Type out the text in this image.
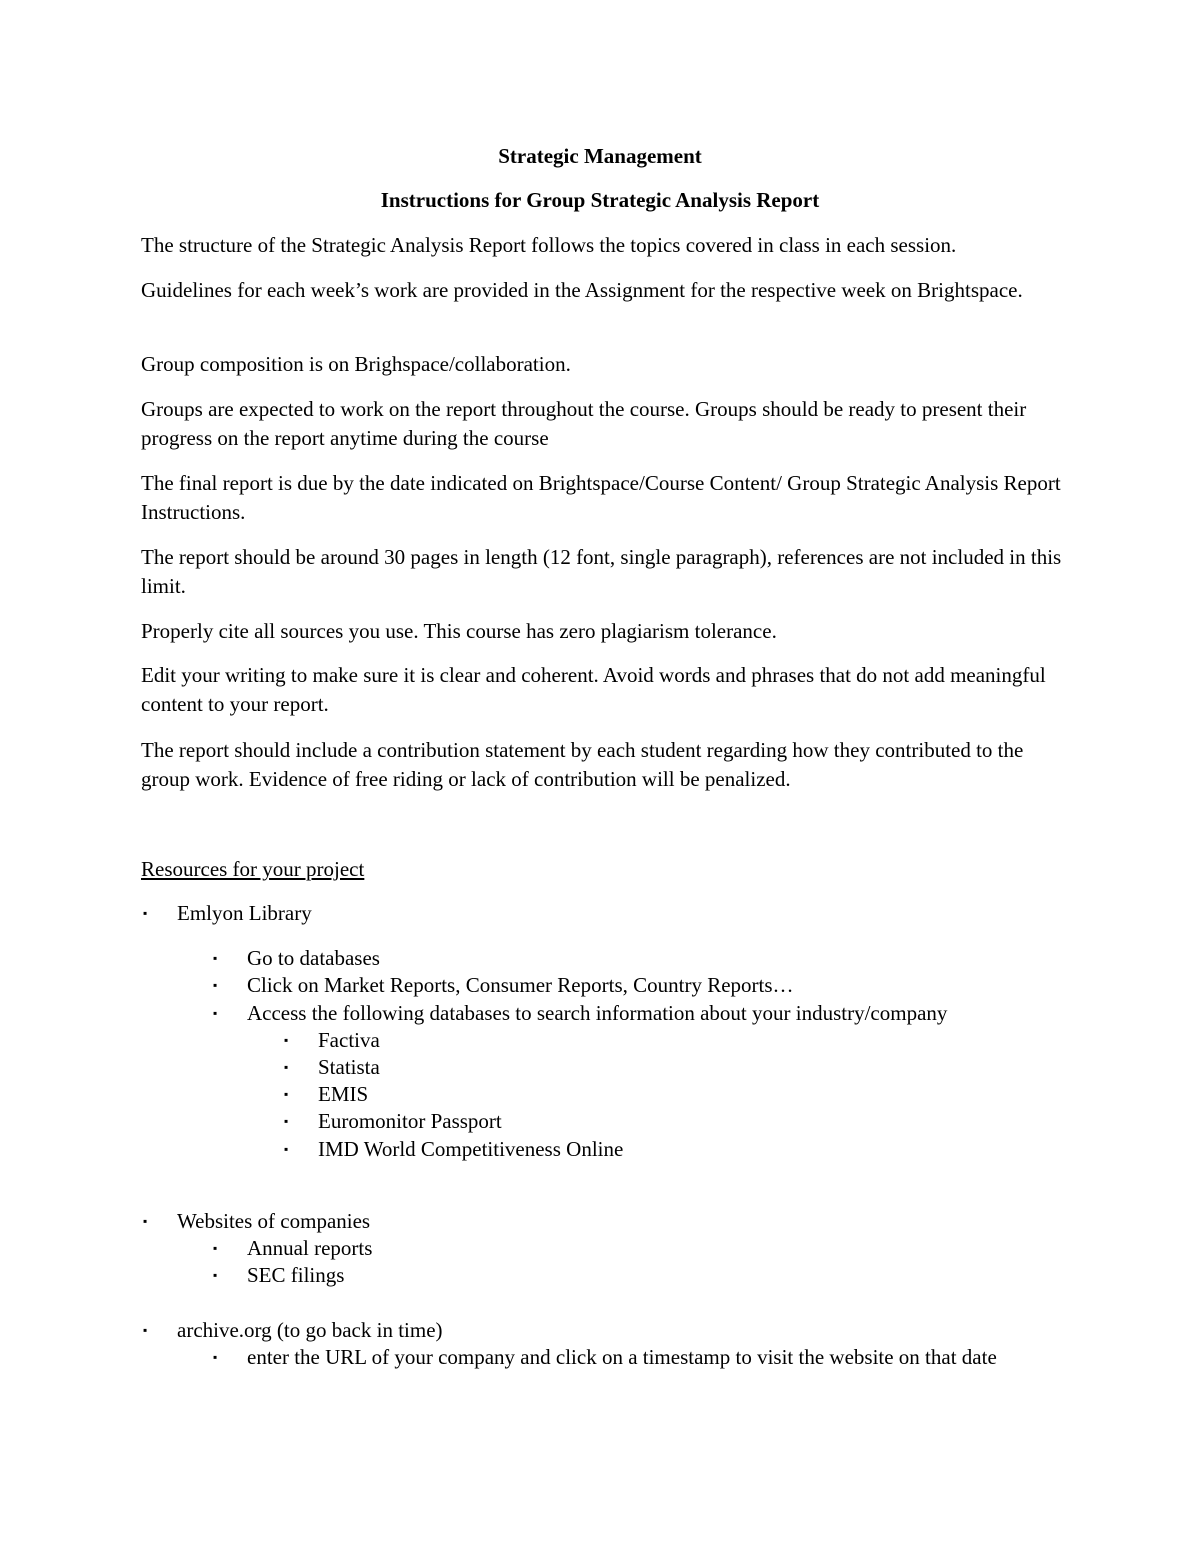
Strategic Management

Instructions for Group Strategic Analysis Report

The structure of the Strategic Analysis Report follows the topics covered in class in each session.

Guidelines for each week’s work are provided in the Assignment for the respective week on Brightspace.

Group composition is on Brighspace/collaboration.

Groups are expected to work on the report throughout the course. Groups should be ready to present their progress on the report anytime during the course

The final report is due by the date indicated on Brightspace/Course Content/ Group Strategic Analysis Report Instructions.

The report should be around 30 pages in length (12 font, single paragraph), references are not included in this limit.

Properly cite all sources you use. This course has zero plagiarism tolerance.

Edit your writing to make sure it is clear and coherent. Avoid words and phrases that do not add meaningful content to your report.

The report should include a contribution statement by each student regarding how they contributed to the group work. Evidence of free riding or lack of contribution will be penalized.

Resources for your project

▪ Emlyon Library
▪ Go to databases
▪ Click on Market Reports, Consumer Reports, Country Reports…
▪ Access the following databases to search information about your industry/company
▪ Factiva
▪ Statista
▪ EMIS
▪ Euromonitor Passport
▪ IMD World Competitiveness Online
▪ Websites of companies
▪ Annual reports
▪ SEC filings
▪ archive.org (to go back in time)
▪ enter the URL of your company and click on a timestamp to visit the website on that date
